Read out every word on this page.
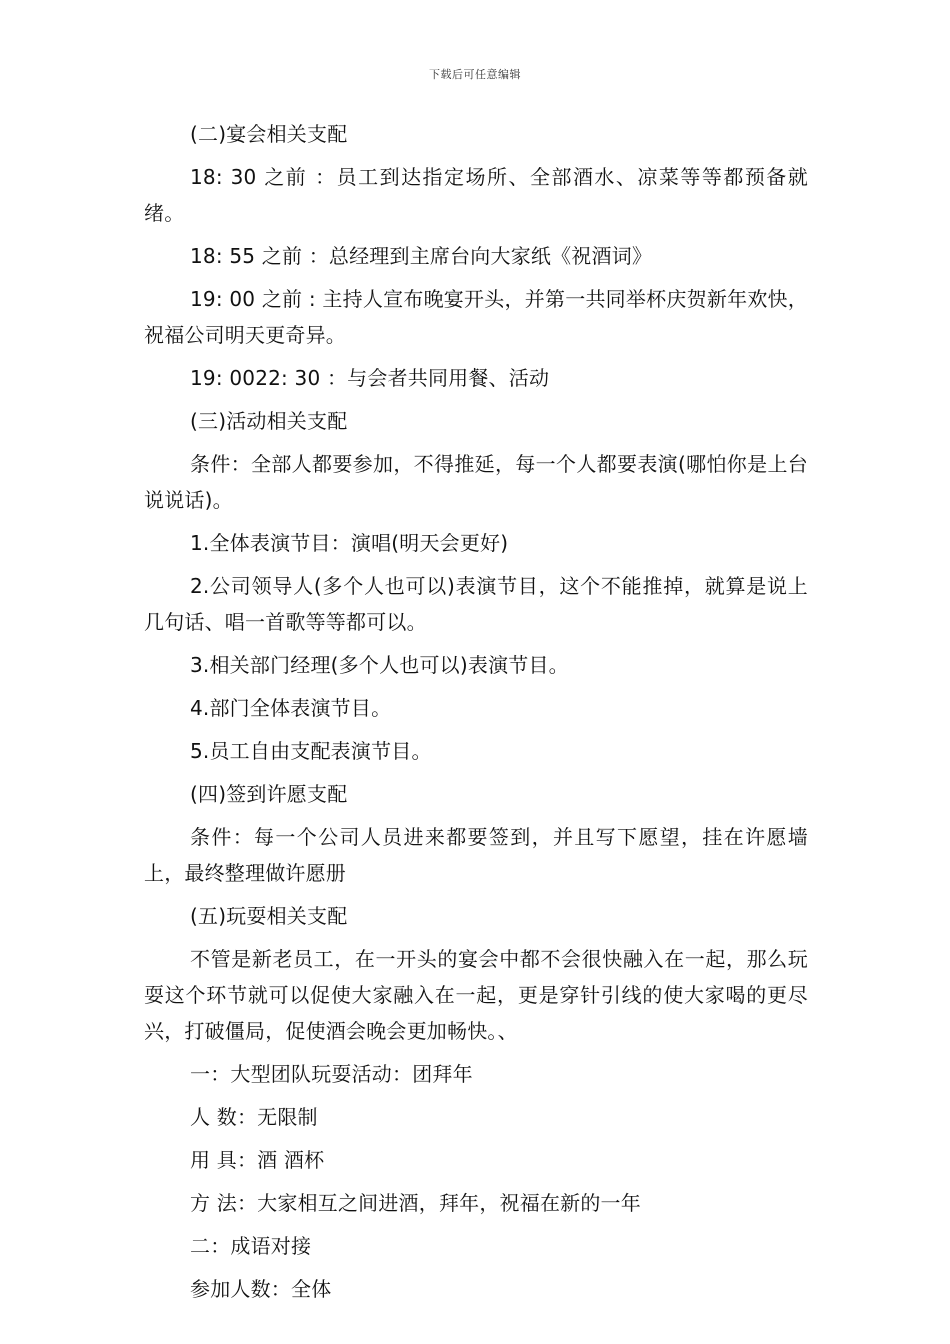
下载后可任意编辑

(二)宴会相关支配

18: 30 之前 ：员工到达指定场所、全部酒水、凉菜等等都预备就绪。

18: 55 之前 ：总经理到主席台向大家纸《祝酒词》

19: 00 之前 : 主持人宣布晚宴开头，并第一共同举杯庆贺新年欢快，祝福公司明天更奇异。

19: 0022: 30 ：与会者共同用餐、活动

(三)活动相关支配

条件：全部人都要参加，不得推延，每一个人都要表演(哪怕你是上台说说话)。

1.全体表演节目：演唱(明天会更好)

2.公司领导人(多个人也可以)表演节目，这个不能推掉，就算是说上几句话、唱一首歌等等都可以。

3.相关部门经理(多个人也可以)表演节目。

4.部门全体表演节目。

5.员工自由支配表演节目。

(四)签到许愿支配

条件：每一个公司人员进来都要签到，并且写下愿望，挂在许愿墙上，最终整理做许愿册

(五)玩耍相关支配

不管是新老员工，在一开头的宴会中都不会很快融入在一起，那么玩耍这个环节就可以促使大家融入在一起，更是穿针引线的使大家喝的更尽兴，打破僵局，促使酒会晚会更加畅快。、

一：大型团队玩耍活动：团拜年

人 数：无限制

用 具：酒 酒杯

方 法：大家相互之间进酒，拜年，祝福在新的一年

二：成语对接

参加人数：全体
